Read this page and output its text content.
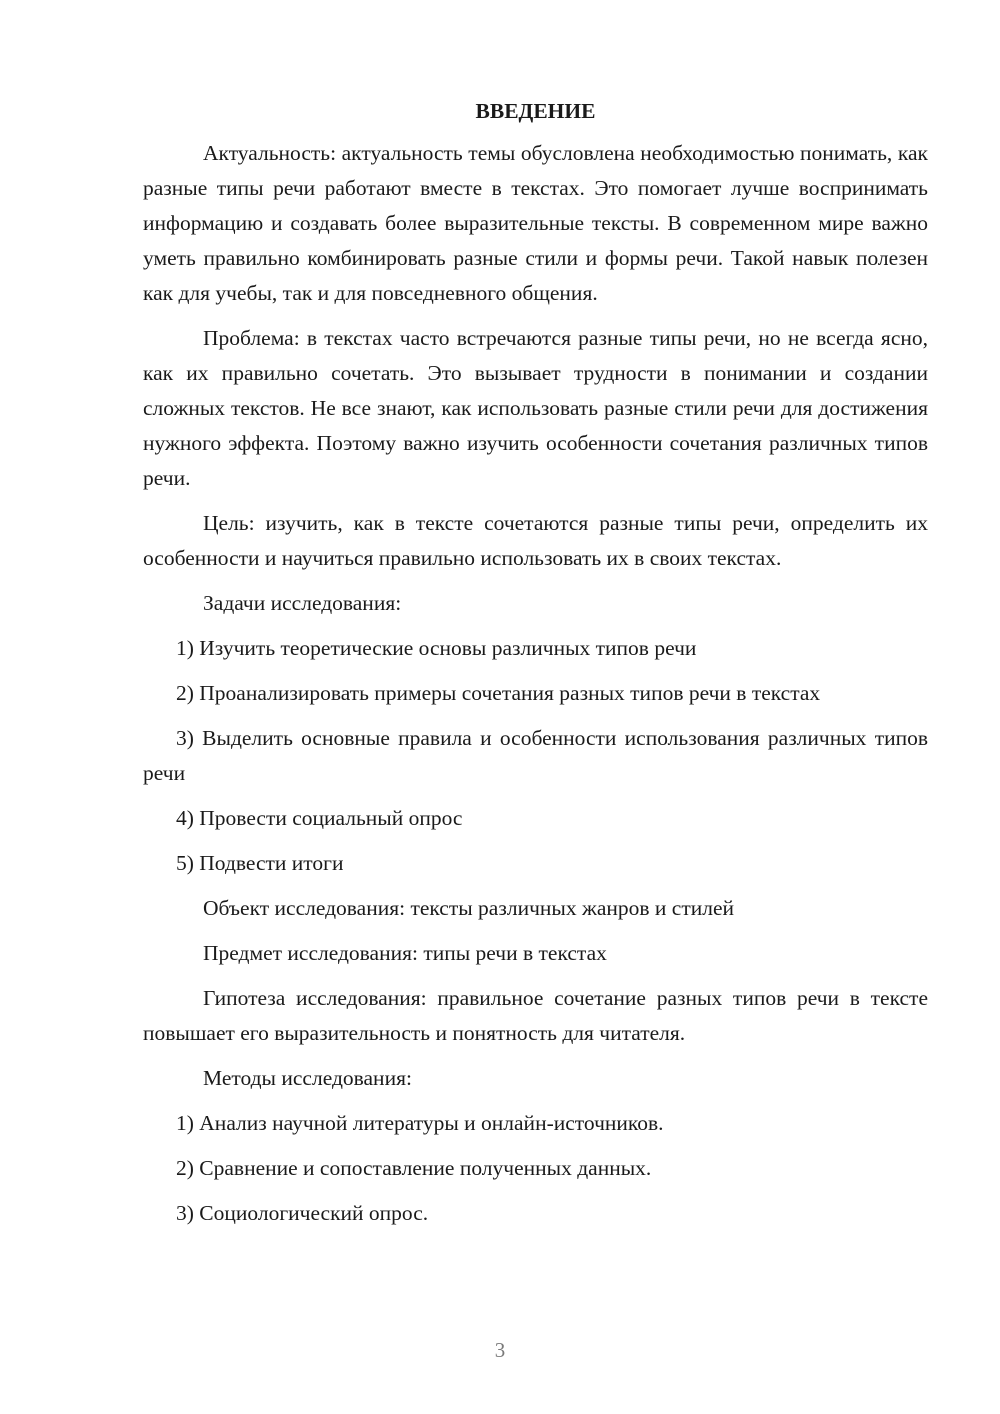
ВВЕДЕНИЕ

Актуальность: актуальность темы обусловлена необходимостью понимать, как разные типы речи работают вместе в текстах. Это помогает лучше воспринимать информацию и создавать более выразительные тексты. В современном мире важно уметь правильно комбинировать разные стили и формы речи. Такой навык полезен как для учебы, так и для повседневного общения.

Проблема: в текстах часто встречаются разные типы речи, но не всегда ясно, как их правильно сочетать. Это вызывает трудности в понимании и создании сложных текстов. Не все знают, как использовать разные стили речи для достижения нужного эффекта. Поэтому важно изучить особенности сочетания различных типов речи.

Цель: изучить, как в тексте сочетаются разные типы речи, определить их особенности и научиться правильно использовать их в своих текстах.

Задачи исследования:

1) Изучить теоретические основы различных типов речи

2) Проанализировать примеры сочетания разных типов речи в текстах

3) Выделить основные правила и особенности использования различных типов речи

4) Провести социальный опрос

5) Подвести итоги

Объект исследования: тексты различных жанров и стилей

Предмет исследования: типы речи в текстах

Гипотеза исследования: правильное сочетание разных типов речи в тексте повышает его выразительность и понятность для читателя.

Методы исследования:

1) Анализ научной литературы и онлайн-источников.

2) Сравнение и сопоставление полученных данных.

3) Социологический опрос.

3
